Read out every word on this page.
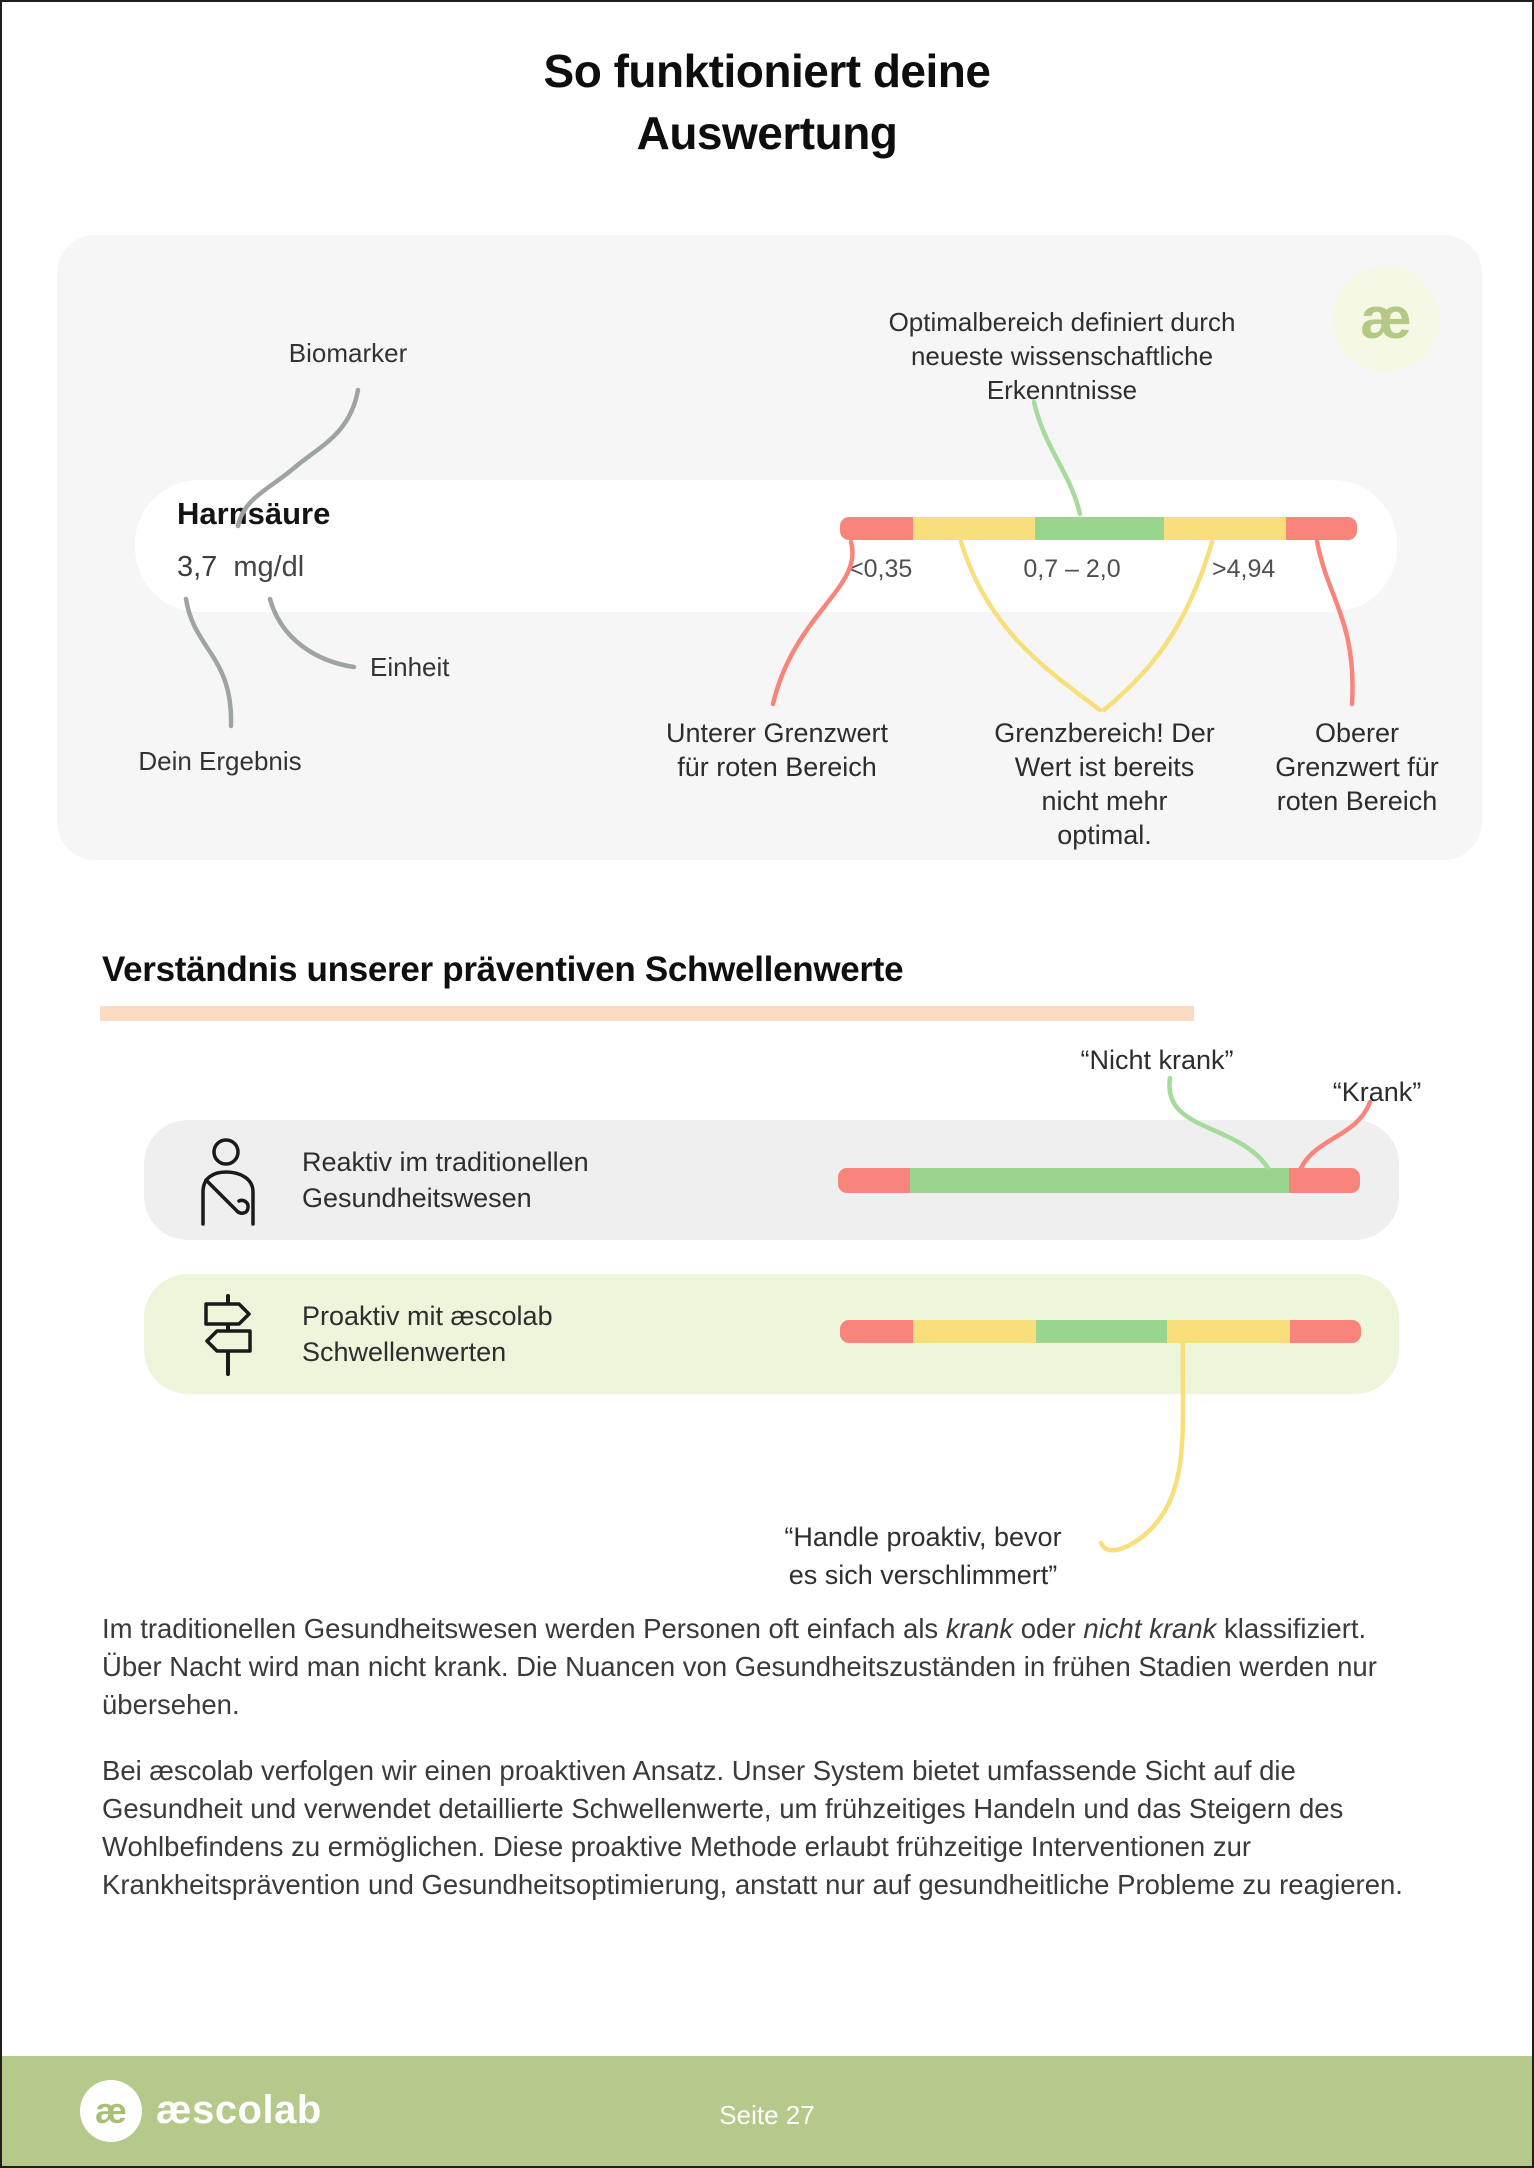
So funktioniert deine
Auswertung
Biomarker
Optimalbereich definiert durch
neueste wissenschaftliche
Erkenntnisse
æ
Harnsäure
3,7 mg/dl	<0,35	0,7 – 2,0	>4,94
Einheit
Dein Ergebnis
Unterer Grenzwert
für roten Bereich
Grenzbereich! Der
Wert ist bereits
nicht mehr
optimal.
Oberer
Grenzwert für
roten Bereich
Verständnis unserer präventiven Schwellenwerte
“Nicht krank”
“Krank”
Reaktiv im traditionellen
Gesundheitswesen
Proaktiv mit æscolab
Schwellenwerten
“Handle proaktiv, bevor
es sich verschlimmert”
Im traditionellen Gesundheitswesen werden Personen oft einfach als krank oder nicht krank klassifiziert. Über Nacht wird man nicht krank. Die Nuancen von Gesundheitszuständen in frühen Stadien werden nur übersehen.
Bei æscolab verfolgen wir einen proaktiven Ansatz. Unser System bietet umfassende Sicht auf die Gesundheit und verwendet detaillierte Schwellenwerte, um frühzeitiges Handeln und das Steigern des Wohlbefindens zu ermöglichen. Diese proaktive Methode erlaubt frühzeitige Interventionen zur Krankheitsprävention und Gesundheitsoptimierung, anstatt nur auf gesundheitliche Probleme zu reagieren.
æ æscolab	Seite 27
